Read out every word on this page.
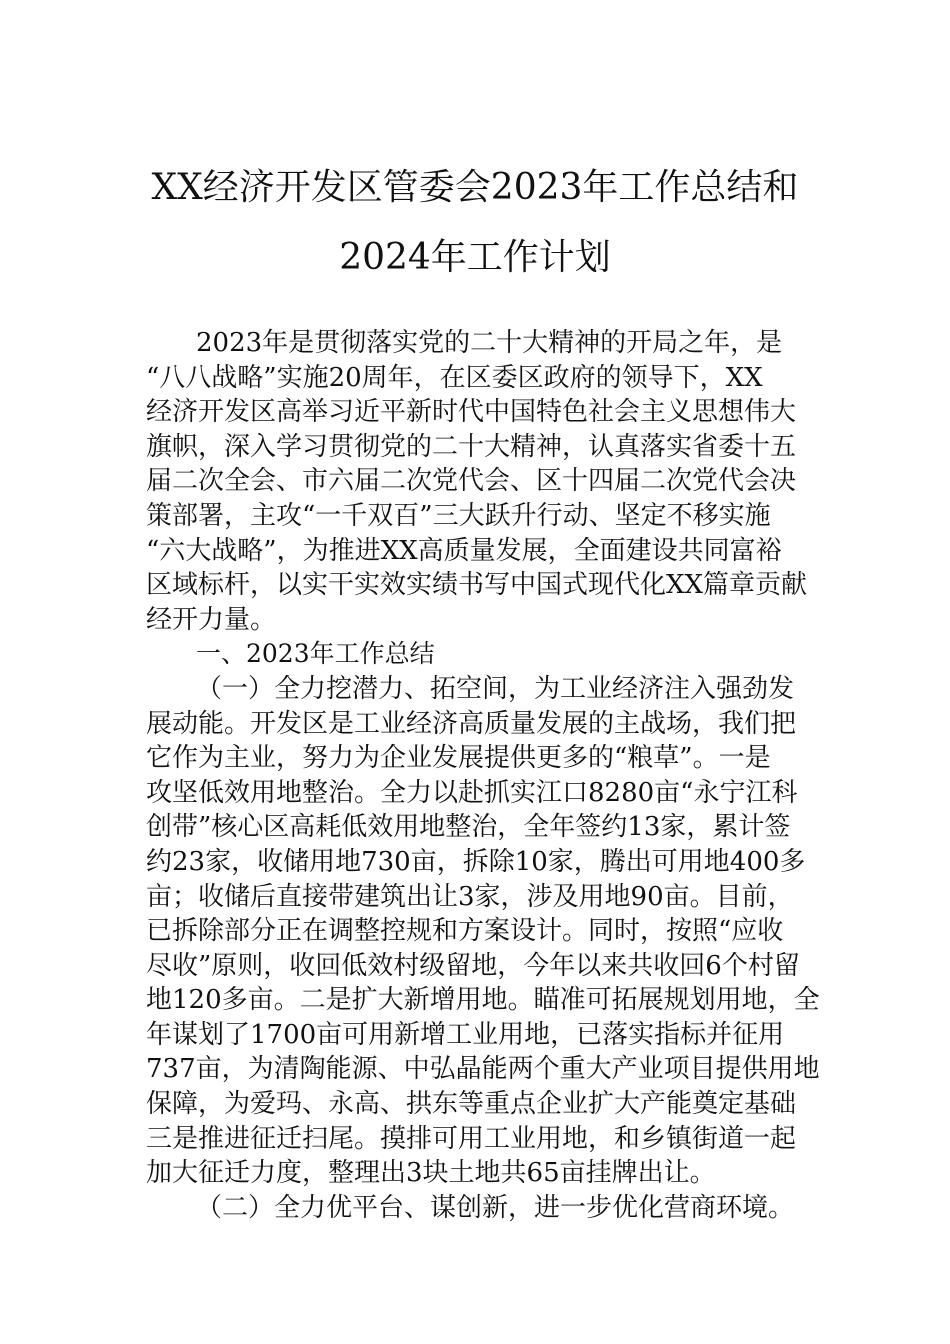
XX经济开发区管委会2023年工作总结和
2024年工作计划
2023年是贯彻落实党的二十大精神的开局之年，是
“八八战略”实施20周年，在区委区政府的领导下，XX
经济开发区高举习近平新时代中国特色社会主义思想伟大
旗帜，深入学习贯彻党的二十大精神，认真落实省委十五
届二次全会、市六届二次党代会、区十四届二次党代会决
策部署，主攻“一千双百”三大跃升行动、坚定不移实施
“六大战略”，为推进XX高质量发展，全面建设共同富裕
区域标杆，以实干实效实绩书写中国式现代化XX篇章贡献
经开力量。
一、2023年工作总结
（一）全力挖潜力、拓空间，为工业经济注入强劲发
展动能。开发区是工业经济高质量发展的主战场，我们把
它作为主业，努力为企业发展提供更多的“粮草”。一是
攻坚低效用地整治。全力以赴抓实江口8280亩“永宁江科
创带”核心区高耗低效用地整治，全年签约13家，累计签
约23家，收储用地730亩，拆除10家，腾出可用地400多
亩；收储后直接带建筑出让3家，涉及用地90亩。目前，
已拆除部分正在调整控规和方案设计。同时，按照“应收
尽收”原则，收回低效村级留地，今年以来共收回6个村留
地120多亩。二是扩大新增用地。瞄准可拓展规划用地，全
年谋划了1700亩可用新增工业用地，已落实指标并征用
737亩，为清陶能源、中弘晶能两个重大产业项目提供用地
保障，为爱玛、永高、拱东等重点企业扩大产能奠定基础
三是推进征迁扫尾。摸排可用工业用地，和乡镇街道一起
加大征迁力度，整理出3块土地共65亩挂牌出让。
（二）全力优平台、谋创新，进一步优化营商环境。
